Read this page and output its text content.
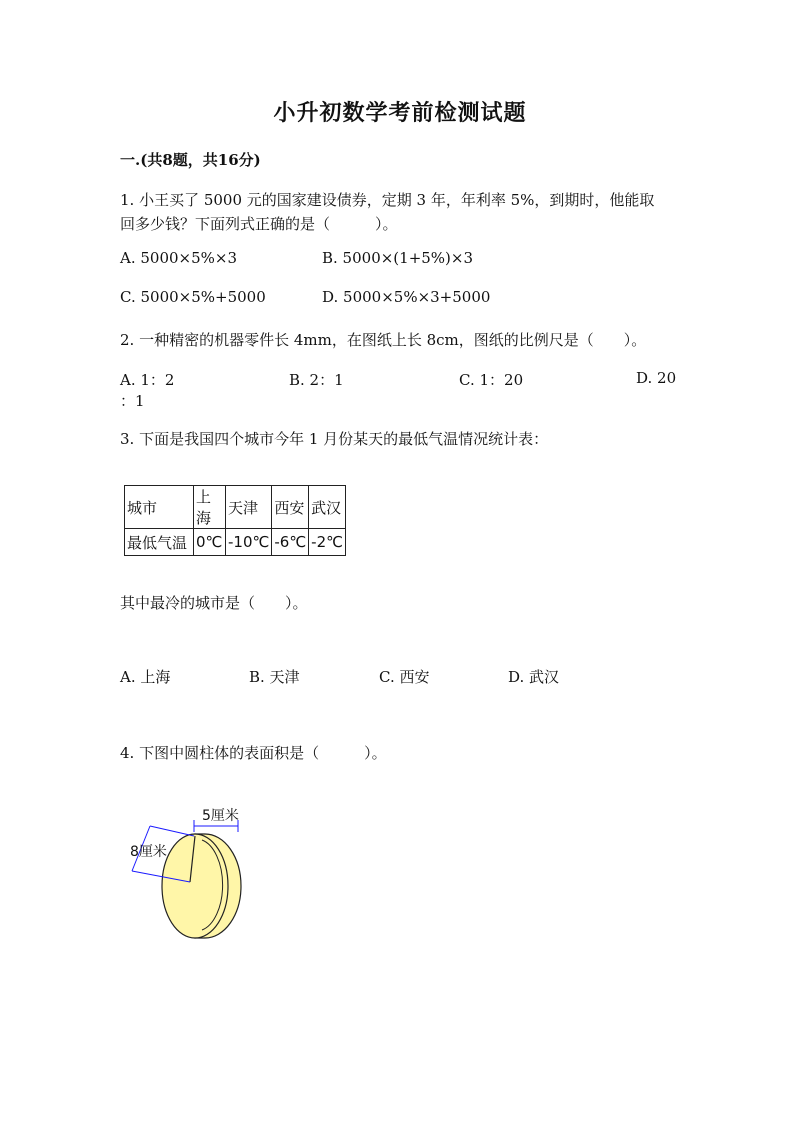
小升初数学考前检测试题
一.(共8题，共16分)
1. 小王买了 5000 元的国家建设债券，定期 3 年，年利率 5%，到期时，他能取
回多少钱？下面列式正确的是（　　　）。
A. 5000×5%×3	B. 5000×(1+5%)×3
C. 5000×5%+5000	D. 5000×5%×3+5000
2. 一种精密的机器零件长 4mm，在图纸上长 8cm，图纸的比例尺是（　　）。
A. 1：2	B. 2：1	C. 1：20	D. 20
：1
3. 下面是我国四个城市今年 1 月份某天的最低气温情况统计表：
城市	上海	天津	西安	武汉
最低气温	0℃	-10℃	-6℃	-2℃
其中最冷的城市是（　　）。
A. 上海	B. 天津	C. 西安	D. 武汉
4. 下图中圆柱体的表面积是（　　　）。
5厘米
8厘米
